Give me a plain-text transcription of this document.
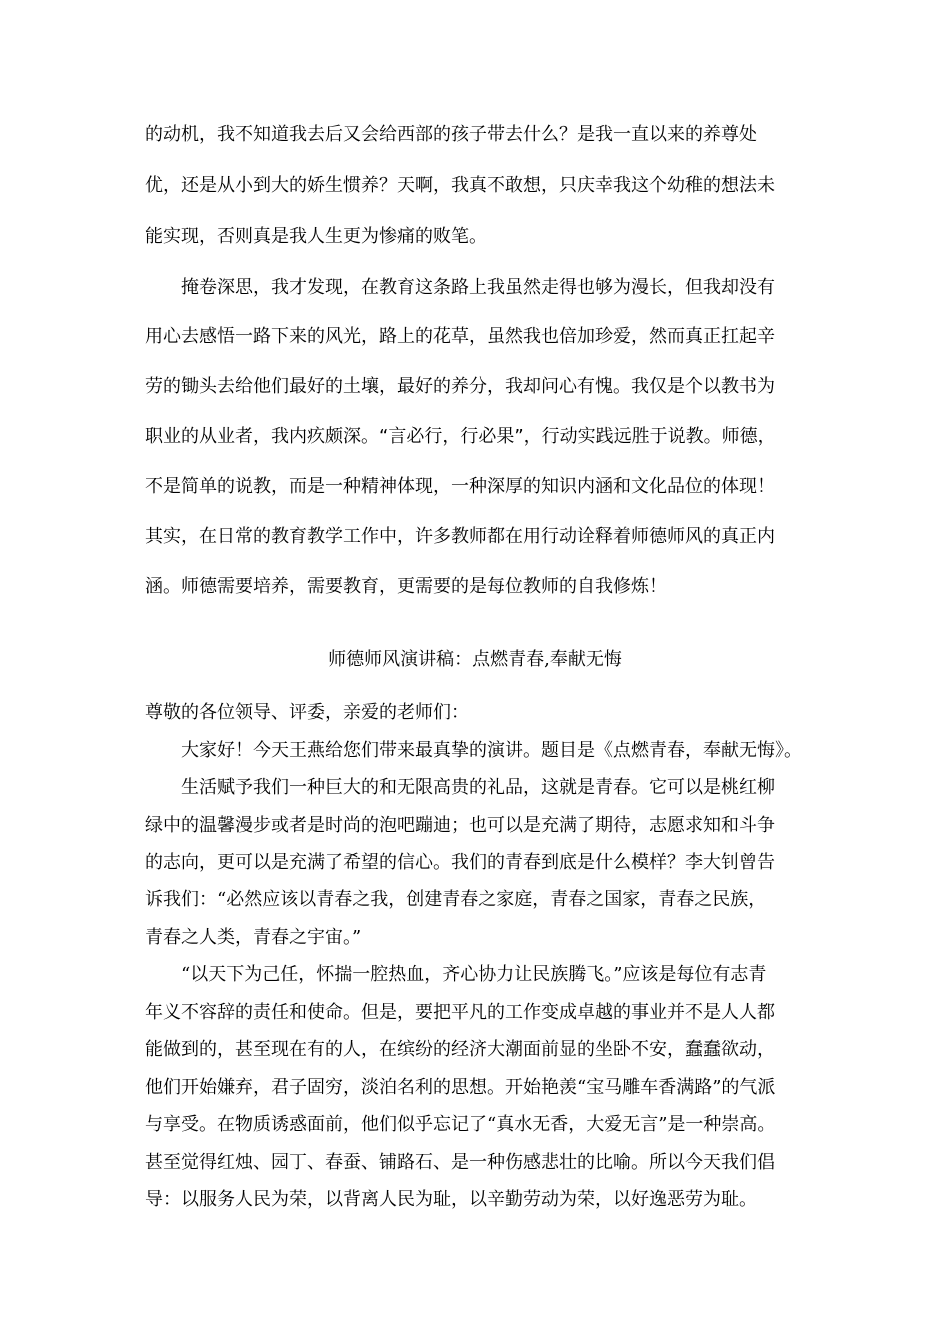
的动机，我不知道我去后又会给西部的孩子带去什么？是我一直以来的养尊处
优，还是从小到大的娇生惯养？天啊，我真不敢想，只庆幸我这个幼稚的想法未
能实现，否则真是我人生更为惨痛的败笔。
掩卷深思，我才发现，在教育这条路上我虽然走得也够为漫长，但我却没有
用心去感悟一路下来的风光，路上的花草，虽然我也倍加珍爱，然而真正扛起辛
劳的锄头去给他们最好的土壤，最好的养分，我却问心有愧。我仅是个以教书为
职业的从业者，我内疚颇深。“言必行，行必果”，行动实践远胜于说教。师德，
不是简单的说教，而是一种精神体现，一种深厚的知识内涵和文化品位的体现！
其实，在日常的教育教学工作中，许多教师都在用行动诠释着师德师风的真正内
涵。师德需要培养，需要教育，更需要的是每位教师的自我修炼！
师德师风演讲稿：点燃青春,奉献无悔
尊敬的各位领导、评委，亲爱的老师们：
大家好！今天王燕给您们带来最真挚的演讲。题目是《点燃青春，奉献无悔》。
生活赋予我们一种巨大的和无限高贵的礼品，这就是青春。它可以是桃红柳
绿中的温馨漫步或者是时尚的泡吧蹦迪；也可以是充满了期待，志愿求知和斗争
的志向，更可以是充满了希望的信心。我们的青春到底是什么模样？李大钊曾告
诉我们：“必然应该以青春之我，创建青春之家庭，青春之国家，青春之民族，
青春之人类，青春之宇宙。”
“以天下为己任，怀揣一腔热血，齐心协力让民族腾飞。”应该是每位有志青
年义不容辞的责任和使命。但是，要把平凡的工作变成卓越的事业并不是人人都
能做到的，甚至现在有的人，在缤纷的经济大潮面前显的坐卧不安，蠢蠢欲动，
他们开始嫌弃，君子固穷，淡泊名利的思想。开始艳羡“宝马雕车香满路”的气派
与享受。在物质诱惑面前，他们似乎忘记了“真水无香，大爱无言”是一种崇高。
甚至觉得红烛、园丁、春蚕、铺路石、是一种伤感悲壮的比喻。所以今天我们倡
导：以服务人民为荣，以背离人民为耻，以辛勤劳动为荣，以好逸恶劳为耻。
